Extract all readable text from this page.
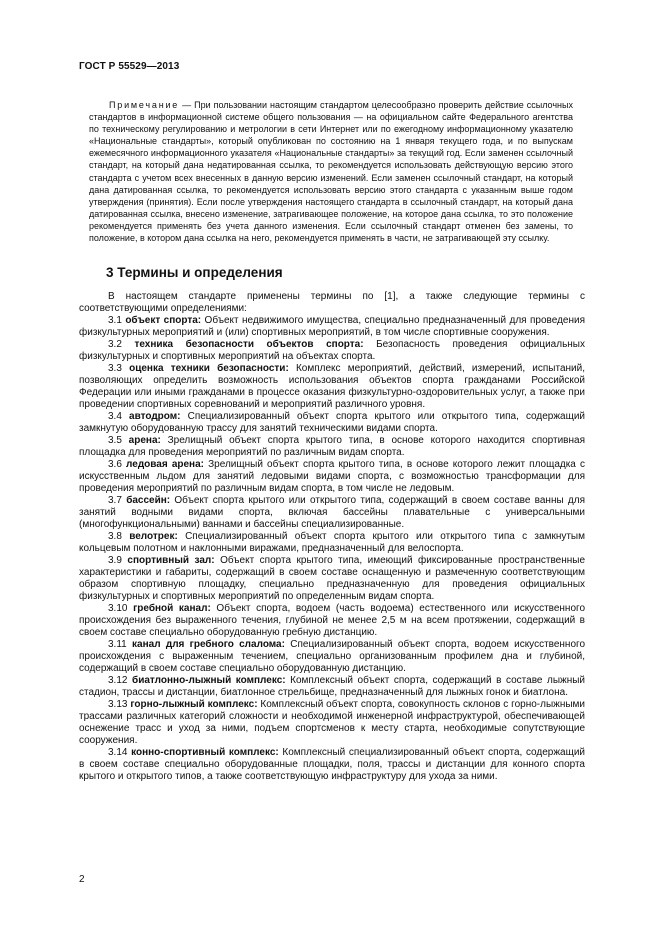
ГОСТ Р 55529—2013

Примечание — При пользовании настоящим стандартом целесообразно проверить действие ссылочных стандартов в информационной системе общего пользования — на официальном сайте Федерального агентства по техническому регулированию и метрологии в сети Интернет или по ежегодному информационному указателю «Национальные стандарты», который опубликован по состоянию на 1 января текущего года, и по выпускам ежемесячного информационного указателя «Национальные стандарты» за текущий год. Если заменен ссылочный стандарт, на который дана недатированная ссылка, то рекомендуется использовать действующую версию этого стандарта с учетом всех внесенных в данную версию изменений. Если заменен ссылочный стандарт, на который дана датированная ссылка, то рекомендуется использовать версию этого стандарта с указанным выше годом утверждения (принятия). Если после утверждения настоящего стандарта в ссылочный стандарт, на который дана датированная ссылка, внесено изменение, затрагивающее положение, на которое дана ссылка, то это положение рекомендуется применять без учета данного изменения. Если ссылочный стандарт отменен без замены, то положение, в котором дана ссылка на него, рекомендуется применять в части, не затрагивающей эту ссылку.

3 Термины и определения

В настоящем стандарте применены термины по [1], а также следующие термины с соответствующими определениями:

3.1 объект спорта: Объект недвижимого имущества, специально предназначенный для проведения физкультурных мероприятий и (или) спортивных мероприятий, в том числе спортивные сооружения.

3.2 техника безопасности объектов спорта: Безопасность проведения официальных физкультурных и спортивных мероприятий на объектах спорта.

3.3 оценка техники безопасности: Комплекс мероприятий, действий, измерений, испытаний, позволяющих определить возможность использования объектов спорта гражданами Российской Федерации или иными гражданами в процессе оказания физкультурно-оздоровительных услуг, а также при проведении спортивных соревнований и мероприятий различного уровня.

3.4 автодром: Специализированный объект спорта крытого или открытого типа, содержащий замкнутую оборудованную трассу для занятий техническими видами спорта.

3.5 арена: Зрелищный объект спорта крытого типа, в основе которого находится спортивная площадка для проведения мероприятий по различным видам спорта.

3.6 ледовая арена: Зрелищный объект спорта крытого типа, в основе которого лежит площадка с искусственным льдом для занятий ледовыми видами спорта, с возможностью трансформации для проведения мероприятий по различным видам спорта, в том числе не ледовым.

3.7 бассейн: Объект спорта крытого или открытого типа, содержащий в своем составе ванны для занятий водными видами спорта, включая бассейны плавательные с универсальными (многофункциональными) ваннами и бассейны специализированные.

3.8 велотрек: Специализированный объект спорта крытого или открытого типа с замкнутым кольцевым полотном и наклонными виражами, предназначенный для велоспорта.

3.9 спортивный зал: Объект спорта крытого типа, имеющий фиксированные пространственные характеристики и габариты, содержащий в своем составе оснащенную и размеченную соответствующим образом спортивную площадку, специально предназначенную для проведения официальных физкультурных и спортивных мероприятий по определенным видам спорта.

3.10 гребной канал: Объект спорта, водоем (часть водоема) естественного или искусственного происхождения без выраженного течения, глубиной не менее 2,5 м на всем протяжении, содержащий в своем составе специально оборудованную гребную дистанцию.

3.11 канал для гребного слалома: Специализированный объект спорта, водоем искусственного происхождения с выраженным течением, специально организованным профилем дна и глубиной, содержащий в своем составе специально оборудованную дистанцию.

3.12 биатлонно-лыжный комплекс: Комплексный объект спорта, содержащий в составе лыжный стадион, трассы и дистанции, биатлонное стрельбище, предназначенный для лыжных гонок и биатлона.

3.13 горно-лыжный комплекс: Комплексный объект спорта, совокупность склонов с горно-лыжными трассами различных категорий сложности и необходимой инженерной инфраструктурой, обеспечивающей оснежение трасс и уход за ними, подъем спортсменов к месту старта, необходимые сопутствующие сооружения.

3.14 конно-спортивный комплекс: Комплексный специализированный объект спорта, содержащий в своем составе специально оборудованные площадки, поля, трассы и дистанции для конного спорта крытого и открытого типов, а также соответствующую инфраструктуру для ухода за ними.

2
